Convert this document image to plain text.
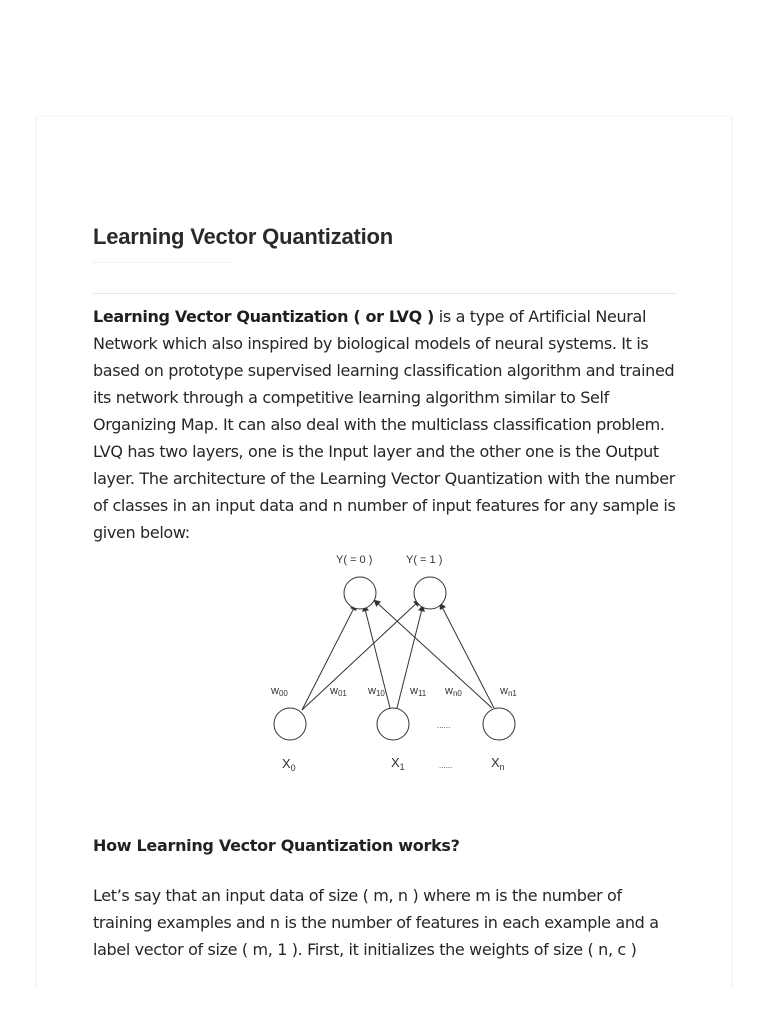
Learning Vector Quantization

Learning Vector Quantization ( or LVQ ) is a type of Artificial Neural Network which also inspired by biological models of neural systems. It is based on prototype supervised learning classification algorithm and trained its network through a competitive learning algorithm similar to Self Organizing Map. It can also deal with the multiclass classification problem. LVQ has two layers, one is the Input layer and the other one is the Output layer. The architecture of the Learning Vector Quantization with the number of classes in an input data and n number of input features for any sample is given below:

Y( = 0 )	Y( = 1 )
w00	w01 w10 w11 wn0	wn1
......
......
$X_0$	$X_1$	$X_n$
How Learning Vector Quantization works?

Let’s say that an input data of size ( m, n ) where m is the number of training examples and n is the number of features in each example and a label vector of size ( m, 1 ). First, it initializes the weights of size ( n, c )
